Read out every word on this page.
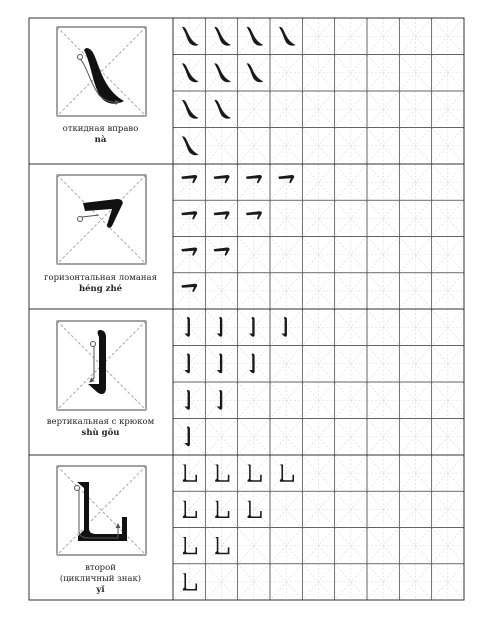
откидная вправо
nà
горизонтальная ломаная
héng zhé
вертикальная с крюком
shù gōu
второй
(цикличный знак)
yǐ
